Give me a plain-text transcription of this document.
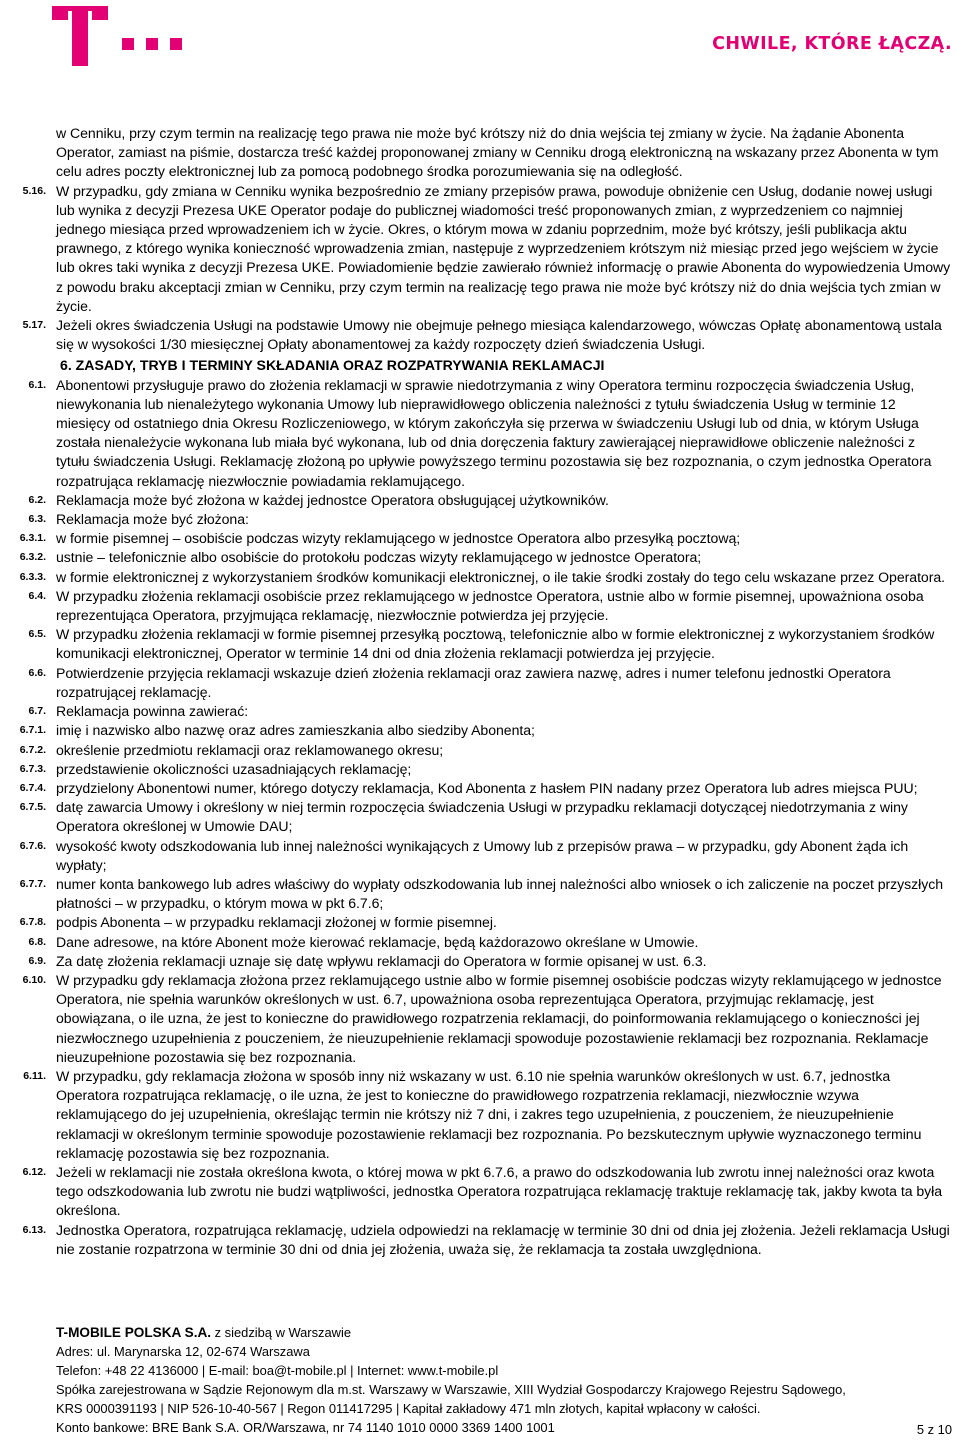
CHWILE, KTÓRE ŁĄCZĄ.
w Cenniku, przy czym termin na realizację tego prawa nie może być krótszy niż do dnia wejścia tej zmiany w życie. Na żądanie Abonenta Operator, zamiast na piśmie, dostarcza treść każdej proponowanej zmiany w Cenniku drogą elektroniczną na wskazany przez Abonenta w tym celu adres poczty elektronicznej lub za pomocą podobnego środka porozumiewania się na odległość.
5.16. W przypadku, gdy zmiana w Cenniku wynika bezpośrednio ze zmiany przepisów prawa, powoduje obniżenie cen Usług, dodanie nowej usługi lub wynika z decyzji Prezesa UKE Operator podaje do publicznej wiadomości treść proponowanych zmian, z wyprzedzeniem co najmniej jednego miesiąca przed wprowadzeniem ich w życie. Okres, o którym mowa w zdaniu poprzednim, może być krótszy, jeśli publikacja aktu prawnego, z którego wynika konieczność wprowadzenia zmian, następuje z wyprzedzeniem krótszym niż miesiąc przed jego wejściem w życie lub okres taki wynika z decyzji Prezesa UKE. Powiadomienie będzie zawierało również informację o prawie Abonenta do wypowiedzenia Umowy z powodu braku akceptacji zmian w Cenniku, przy czym termin na realizację tego prawa nie może być krótszy niż do dnia wejścia tych zmian w życie.
5.17. Jeżeli okres świadczenia Usługi na podstawie Umowy nie obejmuje pełnego miesiąca kalendarzowego, wówczas Opłatę abonamentową ustala się w wysokości 1/30 miesięcznej Opłaty abonamentowej za każdy rozpoczęty dzień świadczenia Usługi.
6. ZASADY, TRYB I TERMINY SKŁADANIA ORAZ ROZPATRYWANIA REKLAMACJI
6.1. Abonentowi przysługuje prawo do złożenia reklamacji w sprawie niedotrzymania z winy Operatora terminu rozpoczęcia świadczenia Usług, niewykonania lub nienależytego wykonania Umowy lub nieprawidłowego obliczenia należności z tytułu świadczenia Usług w terminie 12 miesięcy od ostatniego dnia Okresu Rozliczeniowego, w którym zakończyła się przerwa w świadczeniu Usługi lub od dnia, w którym Usługa została nienależycie wykonana lub miała być wykonana, lub od dnia doręczenia faktury zawierającej nieprawidłowe obliczenie należności z tytułu świadczenia Usługi. Reklamację złożoną po upływie powyższego terminu pozostawia się bez rozpoznania, o czym jednostka Operatora rozpatrująca reklamację niezwłocznie powiadamia reklamującego.
6.2. Reklamacja może być złożona w każdej jednostce Operatora obsługującej użytkowników.
6.3. Reklamacja może być złożona:
6.3.1. w formie pisemnej – osobiście podczas wizyty reklamującego w jednostce Operatora albo przesyłką pocztową;
6.3.2. ustnie – telefonicznie albo osobiście do protokołu podczas wizyty reklamującego w jednostce Operatora;
6.3.3. w formie elektronicznej z wykorzystaniem środków komunikacji elektronicznej, o ile takie środki zostały do tego celu wskazane przez Operatora.
6.4. W przypadku złożenia reklamacji osobiście przez reklamującego w jednostce Operatora, ustnie albo w formie pisemnej, upoważniona osoba reprezentująca Operatora, przyjmująca reklamację, niezwłocznie potwierdza jej przyjęcie.
6.5. W przypadku złożenia reklamacji w formie pisemnej przesyłką pocztową, telefonicznie albo w formie elektronicznej z wykorzystaniem środków komunikacji elektronicznej, Operator w terminie 14 dni od dnia złożenia reklamacji potwierdza jej przyjęcie.
6.6. Potwierdzenie przyjęcia reklamacji wskazuje dzień złożenia reklamacji oraz zawiera nazwę, adres i numer telefonu jednostki Operatora rozpatrującej reklamację.
6.7. Reklamacja powinna zawierać:
6.7.1. imię i nazwisko albo nazwę oraz adres zamieszkania albo siedziby Abonenta;
6.7.2. określenie przedmiotu reklamacji oraz reklamowanego okresu;
6.7.3. przedstawienie okoliczności uzasadniających reklamację;
6.7.4. przydzielony Abonentowi numer, którego dotyczy reklamacja, Kod Abonenta z hasłem PIN nadany przez Operatora lub adres miejsca PUU;
6.7.5. datę zawarcia Umowy i określony w niej termin rozpoczęcia świadczenia Usługi w przypadku reklamacji dotyczącej niedotrzymania z winy Operatora określonej w Umowie DAU;
6.7.6. wysokość kwoty odszkodowania lub innej należności wynikających z Umowy lub z przepisów prawa – w przypadku, gdy Abonent żąda ich wypłaty;
6.7.7. numer konta bankowego lub adres właściwy do wypłaty odszkodowania lub innej należności albo wniosek o ich zaliczenie na poczet przyszłych płatności – w przypadku, o którym mowa w pkt 6.7.6;
6.7.8. podpis Abonenta – w przypadku reklamacji złożonej w formie pisemnej.
6.8. Dane adresowe, na które Abonent może kierować reklamacje, będą każdorazowo określane w Umowie.
6.9. Za datę złożenia reklamacji uznaje się datę wpływu reklamacji do Operatora w formie opisanej w ust. 6.3.
6.10. W przypadku gdy reklamacja złożona przez reklamującego ustnie albo w formie pisemnej osobiście podczas wizyty reklamującego w jednostce Operatora, nie spełnia warunków określonych w ust. 6.7, upoważniona osoba reprezentująca Operatora, przyjmując reklamację, jest obowiązana, o ile uzna, że jest to konieczne do prawidłowego rozpatrzenia reklamacji, do poinformowania reklamującego o konieczności jej niezwłocznego uzupełnienia z pouczeniem, że nieuzupełnienie reklamacji spowoduje pozostawienie reklamacji bez rozpoznania. Reklamacje nieuzupełnione pozostawia się bez rozpoznania.
6.11. W przypadku, gdy reklamacja złożona w sposób inny niż wskazany w ust. 6.10 nie spełnia warunków określonych w ust. 6.7, jednostka Operatora rozpatrująca reklamację, o ile uzna, że jest to konieczne do prawidłowego rozpatrzenia reklamacji, niezwłocznie wzywa reklamującego do jej uzupełnienia, określając termin nie krótszy niż 7 dni, i zakres tego uzupełnienia, z pouczeniem, że nieuzupełnienie reklamacji w określonym terminie spowoduje pozostawienie reklamacji bez rozpoznania. Po bezskutecznym upływie wyznaczonego terminu reklamację pozostawia się bez rozpoznania.
6.12. Jeżeli w reklamacji nie została określona kwota, o której mowa w pkt 6.7.6, a prawo do odszkodowania lub zwrotu innej należności oraz kwota tego odszkodowania lub zwrotu nie budzi wątpliwości, jednostka Operatora rozpatrująca reklamację traktuje reklamację tak, jakby kwota ta była określona.
6.13. Jednostka Operatora, rozpatrująca reklamację, udziela odpowiedzi na reklamację w terminie 30 dni od dnia jej złożenia. Jeżeli reklamacja Usługi nie zostanie rozpatrzona w terminie 30 dni od dnia jej złożenia, uważa się, że reklamacja ta została uwzględniona.
T-MOBILE POLSKA S.A. z siedzibą w Warszawie
Adres: ul. Marynarska 12, 02-674 Warszawa
Telefon: +48 22 4136000 | E-mail: boa@t-mobile.pl | Internet: www.t-mobile.pl
Spółka zarejestrowana w Sądzie Rejonowym dla m.st. Warszawy w Warszawie, XIII Wydział Gospodarczy Krajowego Rejestru Sądowego,
KRS 0000391193 | NIP 526-10-40-567 | Regon 011417295 | Kapitał zakładowy 471 mln złotych, kapitał wpłacony w całości.
Konto bankowe: BRE Bank S.A. OR/Warszawa, nr 74 1140 1010 0000 3369 1400 1001	5 z 10
